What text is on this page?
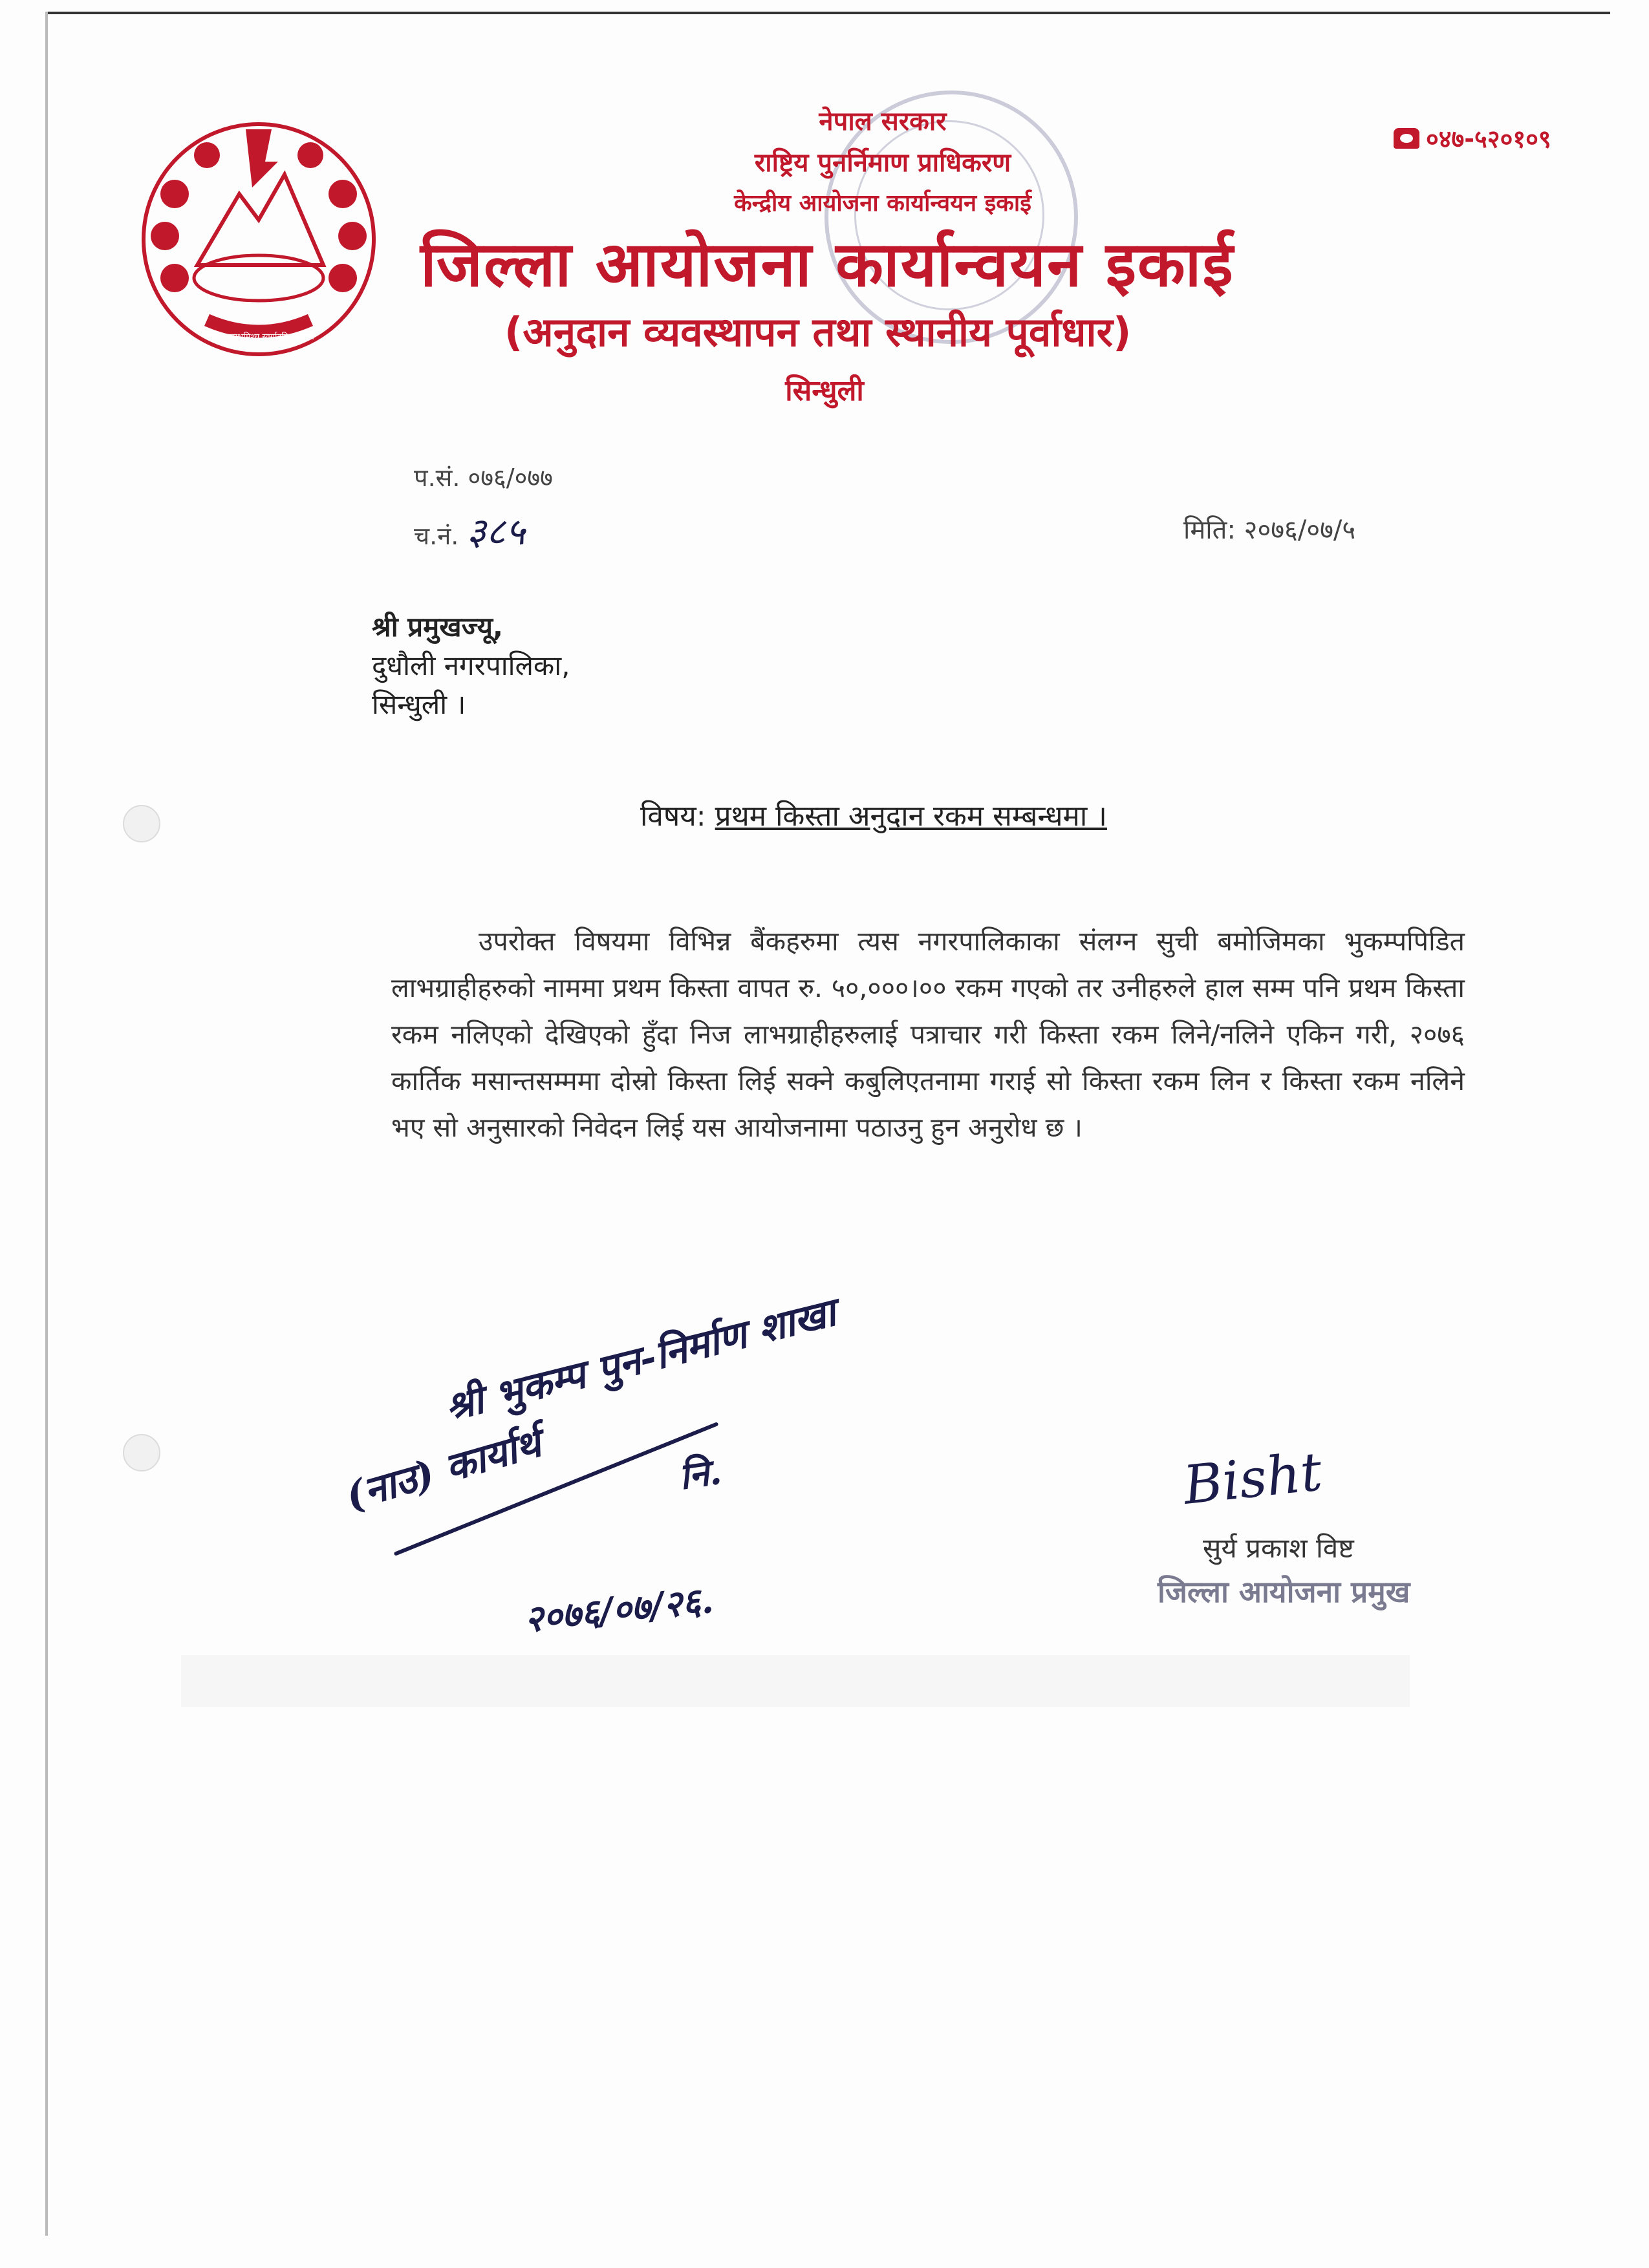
जननी जन्मभूमिश्च स्वर्गादपि गरीयसी
नेपाल सरकार
राष्ट्रिय पुनर्निमाण प्राधिकरण
केन्द्रीय आयोजना कार्यान्वयन इकाई
०४७-५२०१०९
जिल्ला आयोजना कार्यान्वयन इकाई
(अनुदान व्यवस्थापन तथा स्थानीय पूर्वाधार)
सिन्धुली
प.सं. ०७६/०७७
च.नं. ३८५	मिति: २०७६/०७/५
श्री प्रमुखज्यू,
दुधौली नगरपालिका,
सिन्धुली ।
विषय: प्रथम किस्ता अनुदान रकम सम्बन्धमा ।

उपरोक्त विषयमा विभिन्न बैंकहरुमा त्यस नगरपालिकाका संलग्न सुची बमोजिमका भुकम्पपिडित लाभग्राहीहरुको नाममा प्रथम किस्ता वापत रु. ५०,०००।०० रकम गएको तर उनीहरुले हाल सम्म पनि प्रथम किस्ता रकम नलिएको देखिएको हुँदा निज लाभग्राहीहरुलाई पत्राचार गरी किस्ता रकम लिने/नलिने एकिन गरी, २०७६ कार्तिक मसान्तसम्ममा दोस्रो किस्ता लिई सक्ने कबुलिएतनामा गराई सो किस्ता रकम लिन र किस्ता रकम नलिने भए सो अनुसारको निवेदन लिई यस आयोजनामा पठाउनु हुन अनुरोध छ ।

श्री भुकम्प पुन-निर्माण शाखा
(नाउ) कार्यार्थ	नि.
२०७६/०७/२६.
Bisht
सुर्य प्रकाश विष्ट
जिल्ला आयोजना प्रमुख
